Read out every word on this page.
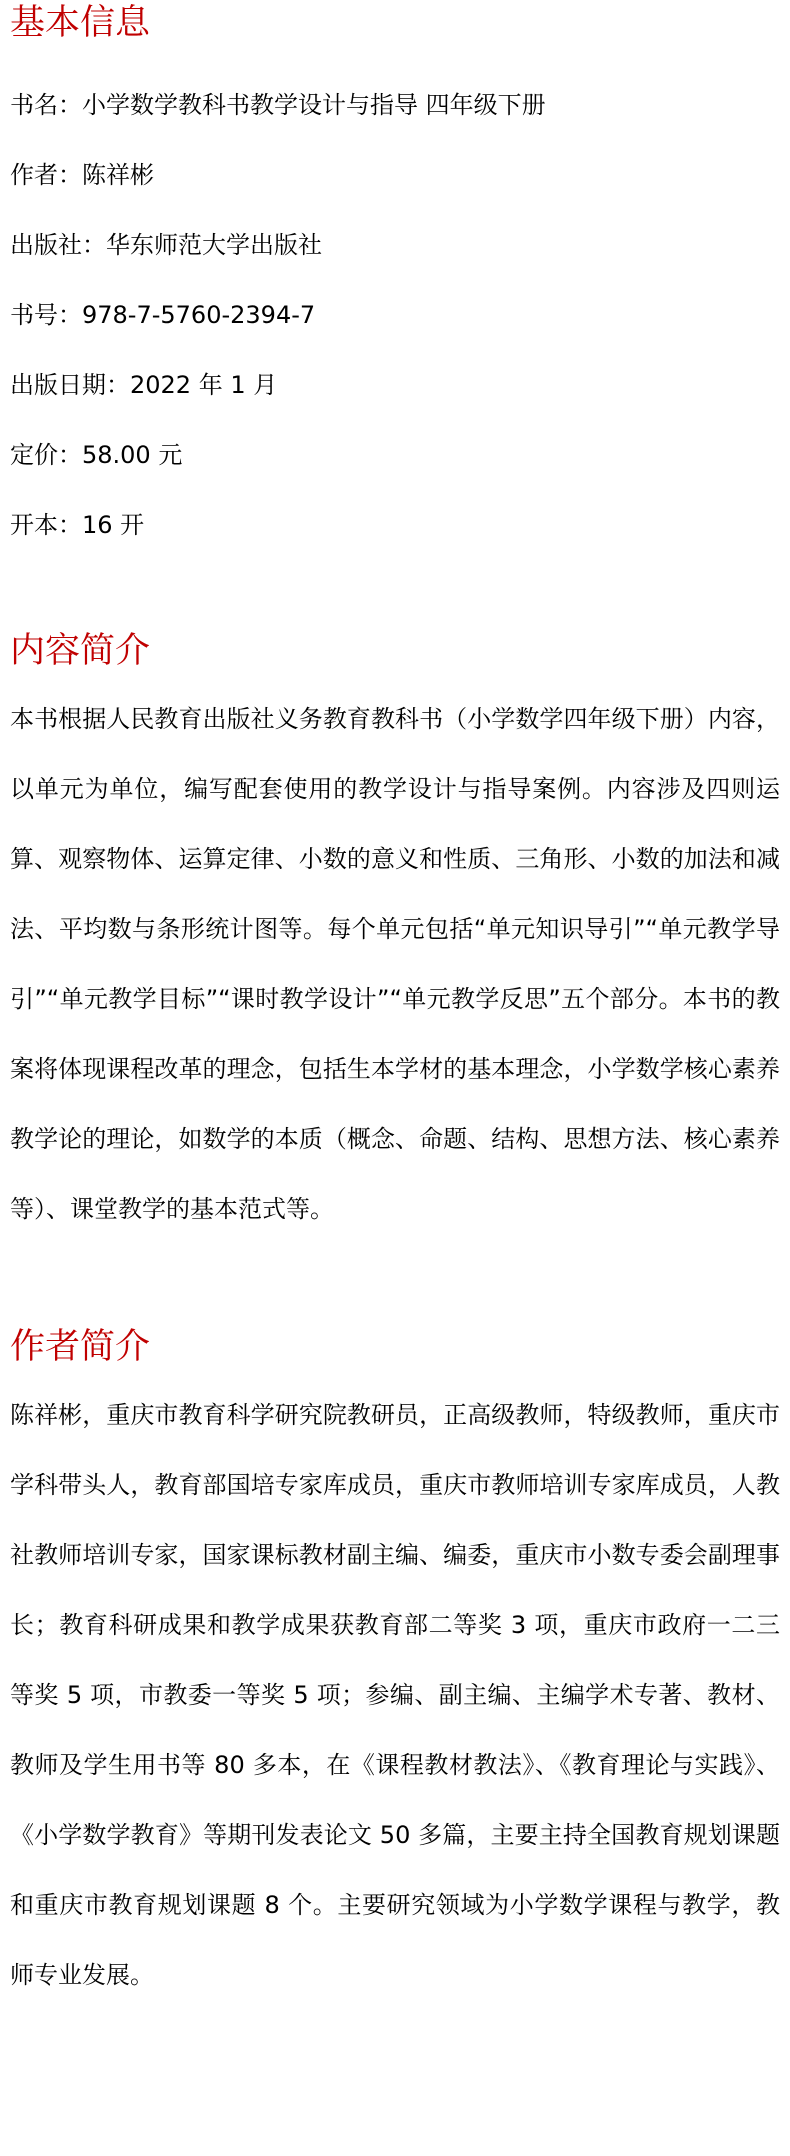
基本信息
书名：小学数学教科书教学设计与指导 四年级下册
作者：陈祥彬
出版社：华东师范大学出版社
书号：978-7-5760-2394-7
出版日期：2022 年 1 月
定价：58.00 元
开本：16 开
内容简介

本书根据人民教育出版社义务教育教科书（小学数学四年级下册）内容，以单元为单位，编写配套使用的教学设计与指导案例。内容涉及四则运算、观察物体、运算定律、小数的意义和性质、三角形、小数的加法和减法、平均数与条形统计图等。每个单元包括“单元知识导引”“单元教学导引”“单元教学目标”“课时教学设计”“单元教学反思”五个部分。本书的教案将体现课程改革的理念，包括生本学材的基本理念，小学数学核心素养教学论的理论，如数学的本质（概念、命题、结构、思想方法、核心素养等）、课堂教学的基本范式等。

作者简介

陈祥彬，重庆市教育科学研究院教研员，正高级教师，特级教师，重庆市学科带头人，教育部国培专家库成员，重庆市教师培训专家库成员，人教社教师培训专家，国家课标教材副主编、编委，重庆市小数专委会副理事长；教育科研成果和教学成果获教育部二等奖 3 项，重庆市政府一二三等奖 5 项，市教委一等奖 5 项；参编、副主编、主编学术专著、教材、教师及学生用书等 80 多本，在《课程教材教法》、《教育理论与实践》、《小学数学教育》等期刊发表论文 50 多篇，主要主持全国教育规划课题和重庆市教育规划课题 8 个。主要研究领域为小学数学课程与教学，教师专业发展。
